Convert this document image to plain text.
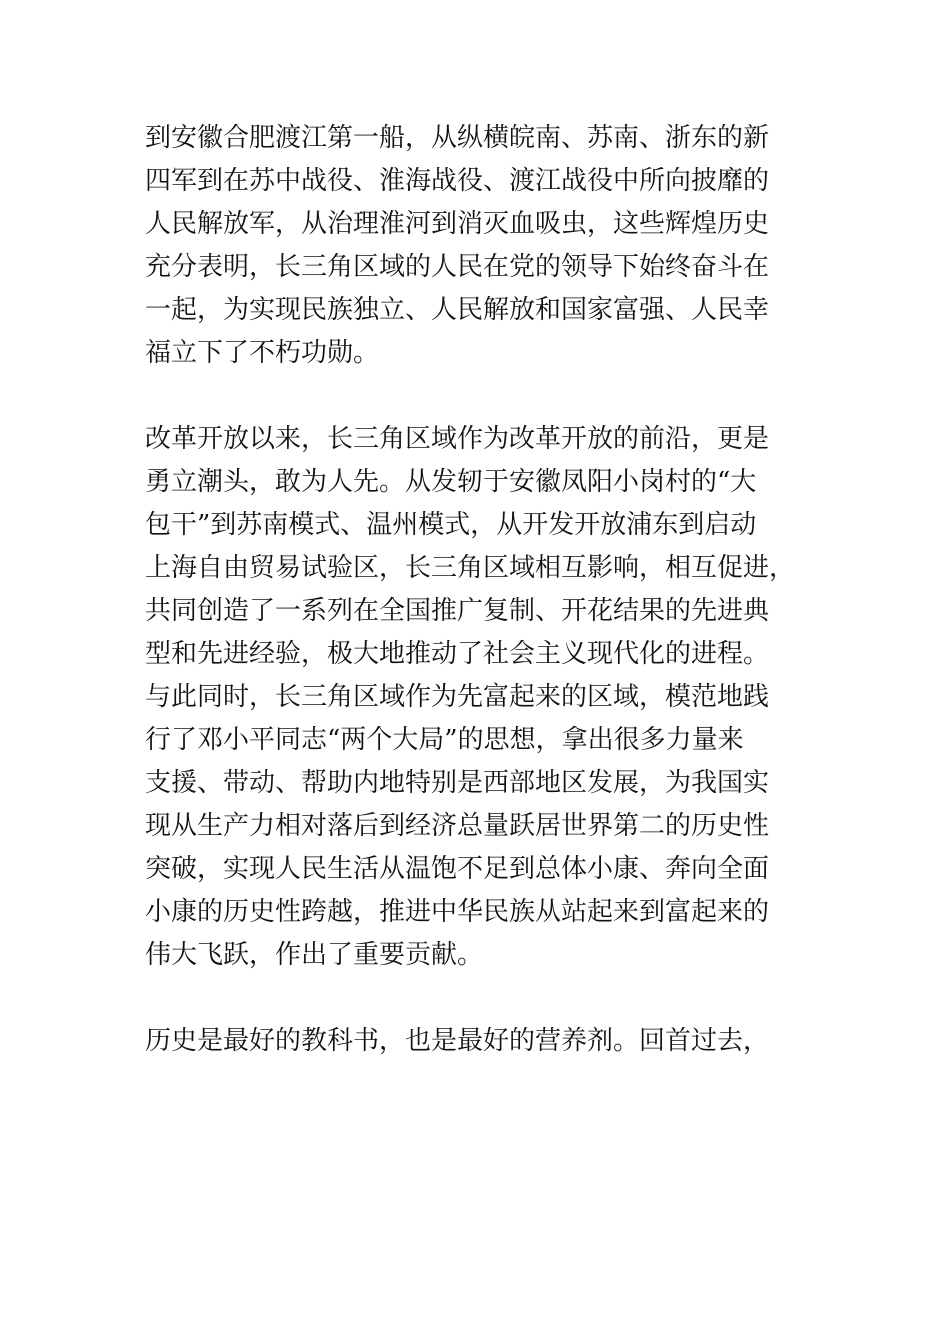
到安徽合肥渡江第一船，从纵横皖南、苏南、浙东的新
四军到在苏中战役、淮海战役、渡江战役中所向披靡的
人民解放军，从治理淮河到消灭血吸虫，这些辉煌历史
充分表明，长三角区域的人民在党的领导下始终奋斗在
一起，为实现民族独立、人民解放和国家富强、人民幸
福立下了不朽功勋。
改革开放以来，长三角区域作为改革开放的前沿，更是
勇立潮头，敢为人先。从发轫于安徽凤阳小岗村的“大
包干”到苏南模式、温州模式，从开发开放浦东到启动
上海自由贸易试验区，长三角区域相互影响，相互促进，
共同创造了一系列在全国推广复制、开花结果的先进典
型和先进经验，极大地推动了社会主义现代化的进程。
与此同时，长三角区域作为先富起来的区域，模范地践
行了邓小平同志“两个大局”的思想，拿出很多力量来
支援、带动、帮助内地特别是西部地区发展，为我国实
现从生产力相对落后到经济总量跃居世界第二的历史性
突破，实现人民生活从温饱不足到总体小康、奔向全面
小康的历史性跨越，推进中华民族从站起来到富起来的
伟大飞跃，作出了重要贡献。
历史是最好的教科书，也是最好的营养剂。回首过去，
